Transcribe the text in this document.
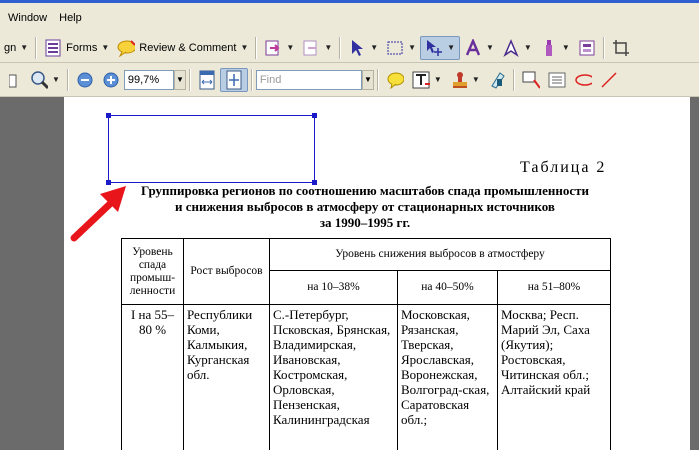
Window	Help
gn ▼	Forms ▼	Review & Comment ▼	▼	▼	▼	▼	▼	▼	▼	▼
▼	99,7%	▼	Find	▼	▼	▼
Таблица 2
Группировка регионов по соотношению масштабов спада промышленности
и снижения выбросов в атмосферу от стационарных источников
за 1990–1995 гг.
Уровень спада промыш-ленности	Рост выбросов	Уровень снижения выбросов в атмостферу		
		на 10–38%	на 40–50%	на 51–80%
I на 55–80 %	Республики Коми, Калмыкия, Курганская обл.	С.-Петербург, Псковская, Брянская, Владимирская, Ивановская, Костромская, Орловская, Пензенская, Калининградская	Московская, Рязанская, Тверская, Ярославская, Воронежская, Волгоград-ская, Саратовская обл.;	Москва; Респ. Марий Эл, Саха (Якутия); Ростовская, Читинская обл.; Алтайский край
